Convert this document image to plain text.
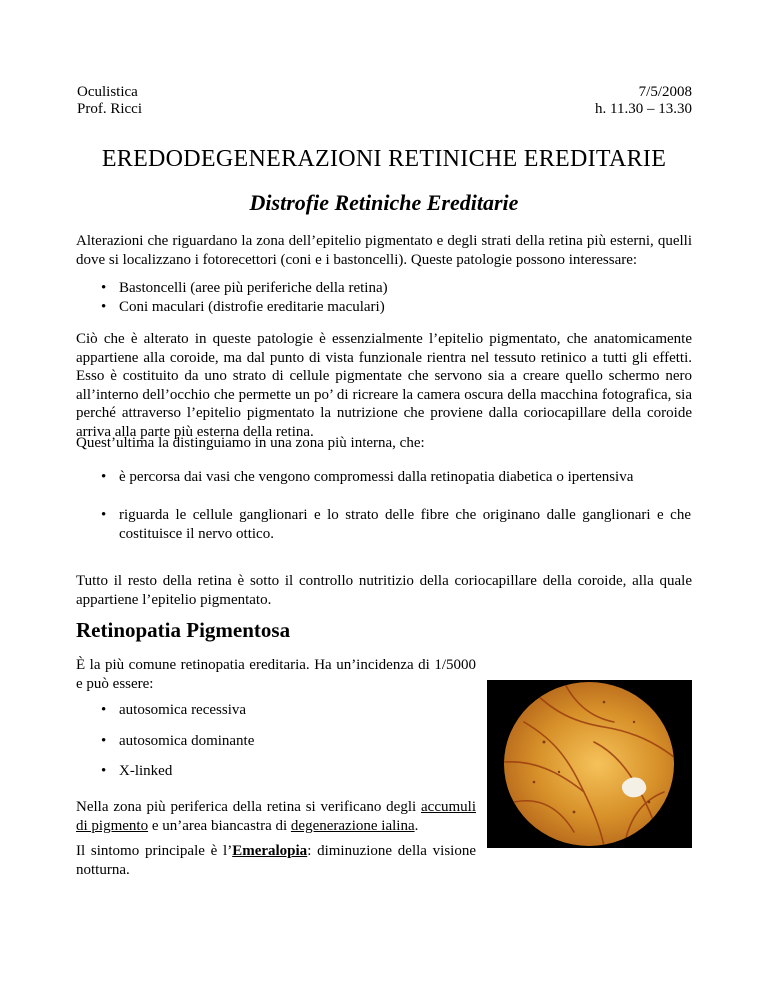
Oculistica
Prof. Ricci
7/5/2008
h. 11.30 – 13.30
EREDODEGENERAZIONI RETINICHE EREDITARIE
Distrofie Retiniche Ereditarie
Alterazioni che riguardano la zona dell’epitelio pigmentato e degli strati della retina più esterni, quelli dove si localizzano i fotorecettori (coni e i bastoncelli). Queste patologie possono interessare:
• Bastoncelli (aree più periferiche della retina)
• Coni maculari (distrofie ereditarie maculari)
Ciò che è alterato in queste patologie è essenzialmente l’epitelio pigmentato, che anatomicamente appartiene alla coroide, ma dal punto di vista funzionale rientra nel tessuto retinico a tutti gli effetti. Esso è costituito da uno strato di cellule pigmentate che servono sia a creare quello schermo nero all’interno dell’occhio che permette un po’ di ricreare la camera oscura della macchina fotografica, sia perché attraverso l’epitelio pigmentato la nutrizione che proviene dalla coriocapillare della coroide arriva alla parte più esterna della retina.
Quest’ultima la distinguiamo in una zona più interna, che:
• è percorsa dai vasi che vengono compromessi dalla retinopatia diabetica o ipertensiva
• riguarda le cellule ganglionari e lo strato delle fibre che originano dalle ganglionari e che costituisce il nervo ottico.
Tutto il resto della retina è sotto il controllo nutritizio della coriocapillare della coroide, alla quale appartiene l’epitelio pigmentato.
Retinopatia Pigmentosa
È la più comune retinopatia ereditaria. Ha un’incidenza di 1/5000 e può essere:
• autosomica recessiva
• autosomica dominante
• X-linked
Nella zona più periferica della retina si verificano degli accumuli di pigmento e un’area biancastra di degenerazione ialina.
Il sintomo principale è l’Emeralopia: diminuzione della visione notturna.
